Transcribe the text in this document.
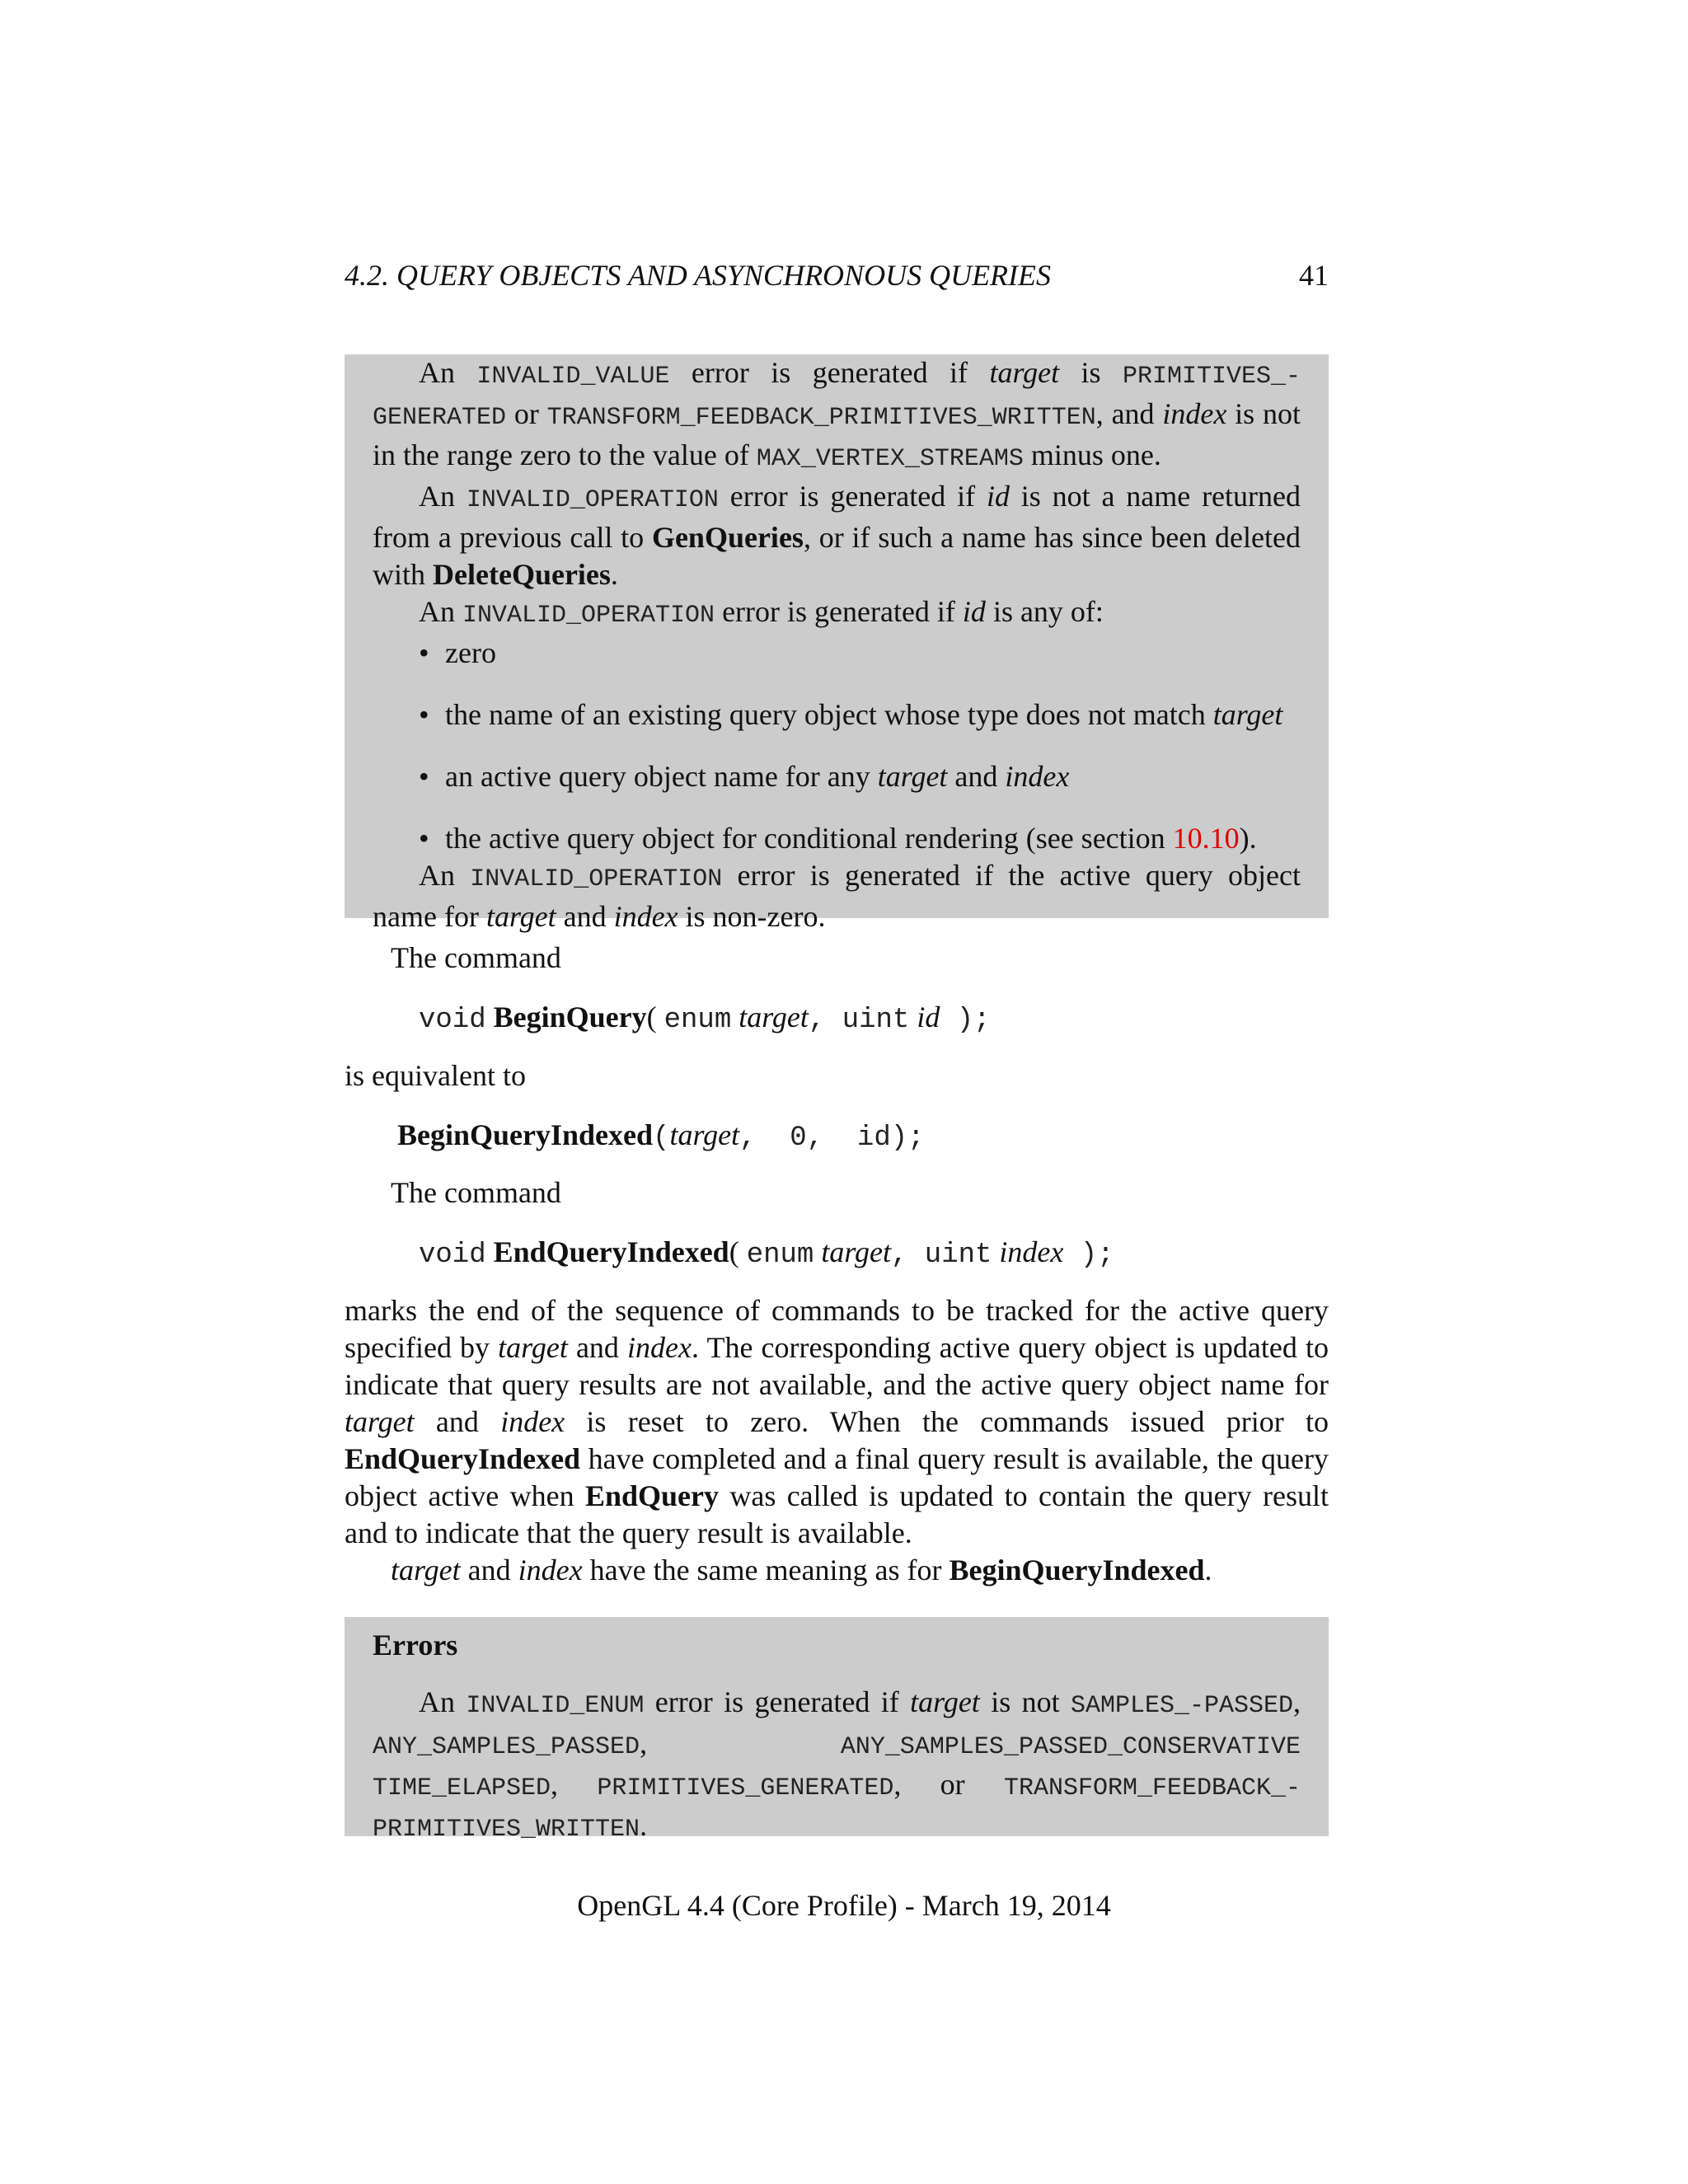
4.2. QUERY OBJECTS AND ASYNCHRONOUS QUERIES	41

An INVALID_VALUE error is generated if target is PRIMITIVES_-GENERATED or TRANSFORM_FEEDBACK_PRIMITIVES_WRITTEN, and index is not in the range zero to the value of MAX_VERTEX_STREAMS minus one.

An INVALID_OPERATION error is generated if id is not a name returned from a previous call to GenQueries, or if such a name has since been deleted with DeleteQueries.

An INVALID_OPERATION error is generated if id is any of:

• zero

• the name of an existing query object whose type does not match target

• an active query object name for any target and index

• the active query object for conditional rendering (see section 10.10).

An INVALID_OPERATION error is generated if the active query object name for target and index is non-zero.

The command
void BeginQuery( enum target, uint id );
is equivalent to
BeginQueryIndexed(target,  0,  id);
The command
void EndQueryIndexed( enum target, uint index );
marks the end of the sequence of commands to be tracked for the active query specified by target and index. The corresponding active query object is updated to indicate that query results are not available, and the active query object name for target and index is reset to zero. When the commands issued prior to EndQueryIndexed have completed and a final query result is available, the query object active when EndQuery was called is updated to contain the query result and to indicate that the query result is available.
target and index have the same meaning as for BeginQueryIndexed.

Errors

An INVALID_ENUM error is generated if target is not SAMPLES_-PASSED, ANY_SAMPLES_PASSED, ANY_SAMPLES_PASSED_CONSERVATIVE TIME_ELAPSED, PRIMITIVES_GENERATED, or TRANSFORM_FEEDBACK_-PRIMITIVES_WRITTEN.

OpenGL 4.4 (Core Profile) - March 19, 2014
